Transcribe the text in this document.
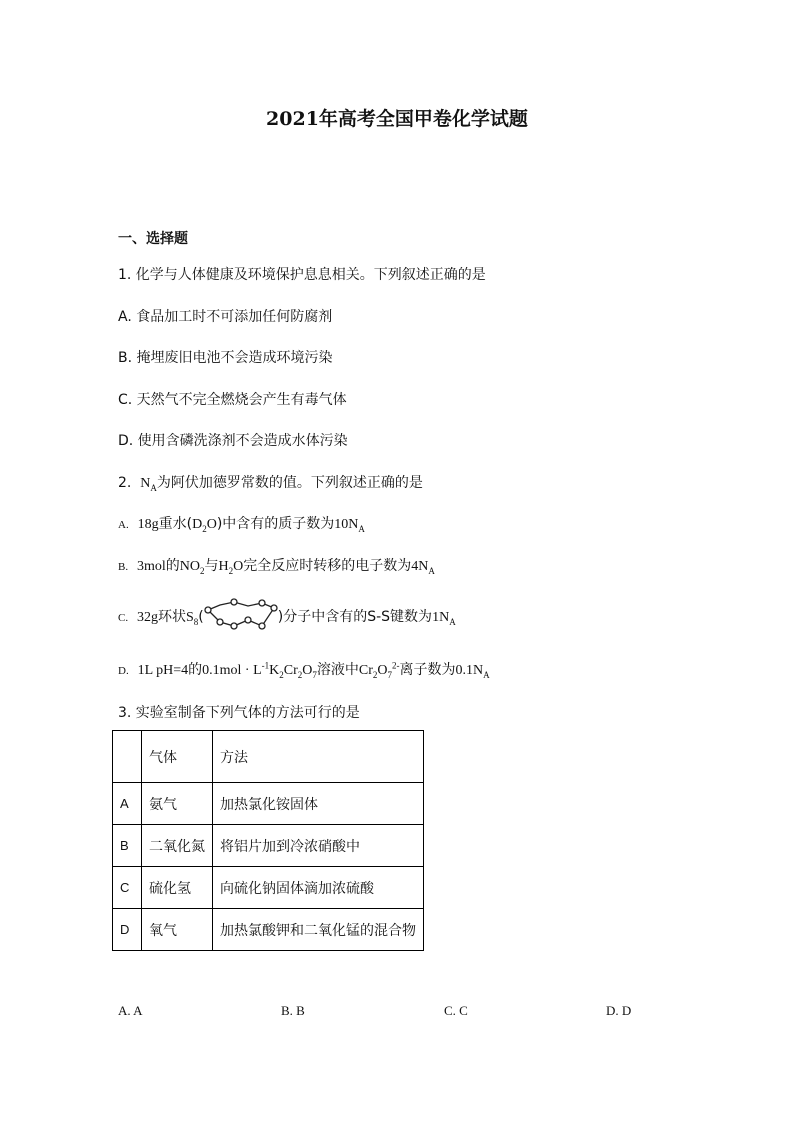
2021年高考全国甲卷化学试题
一、选择题
1. 化学与人体健康及环境保护息息相关。下列叙述正确的是
A. 食品加工时不可添加任何防腐剂
B. 掩埋废旧电池不会造成环境污染
C. 天然气不完全燃烧会产生有毒气体
D. 使用含磷洗涤剂不会造成水体污染
2. $N_A$为阿伏加德罗常数的值。下列叙述正确的是
A. 18g重水$(D_2O)$中含有的质子数为$10N_A$
B. 3mol的$NO_2$与$H_2O$完全反应时转移的电子数为$4N_A$
C. 32g环状$S_8$(	)分子中含有的S-S键数为$1N_A$
D. 1L pH=4的$0.1mol \cdot L^{-1}K_2Cr_2O_7$溶液中$Cr_2O_7^{2-}$离子数为$0.1N_A$
3. 实验室制备下列气体的方法可行的是
	气体	方法
A	氨气	加热氯化铵固体
B	二氧化氮	将铝片加到冷浓硝酸中
C	硫化氢	向硫化钠固体滴加浓硫酸
D	氧气	加热氯酸钾和二氧化锰的混合物
A. A	B. B	C. C	D. D
